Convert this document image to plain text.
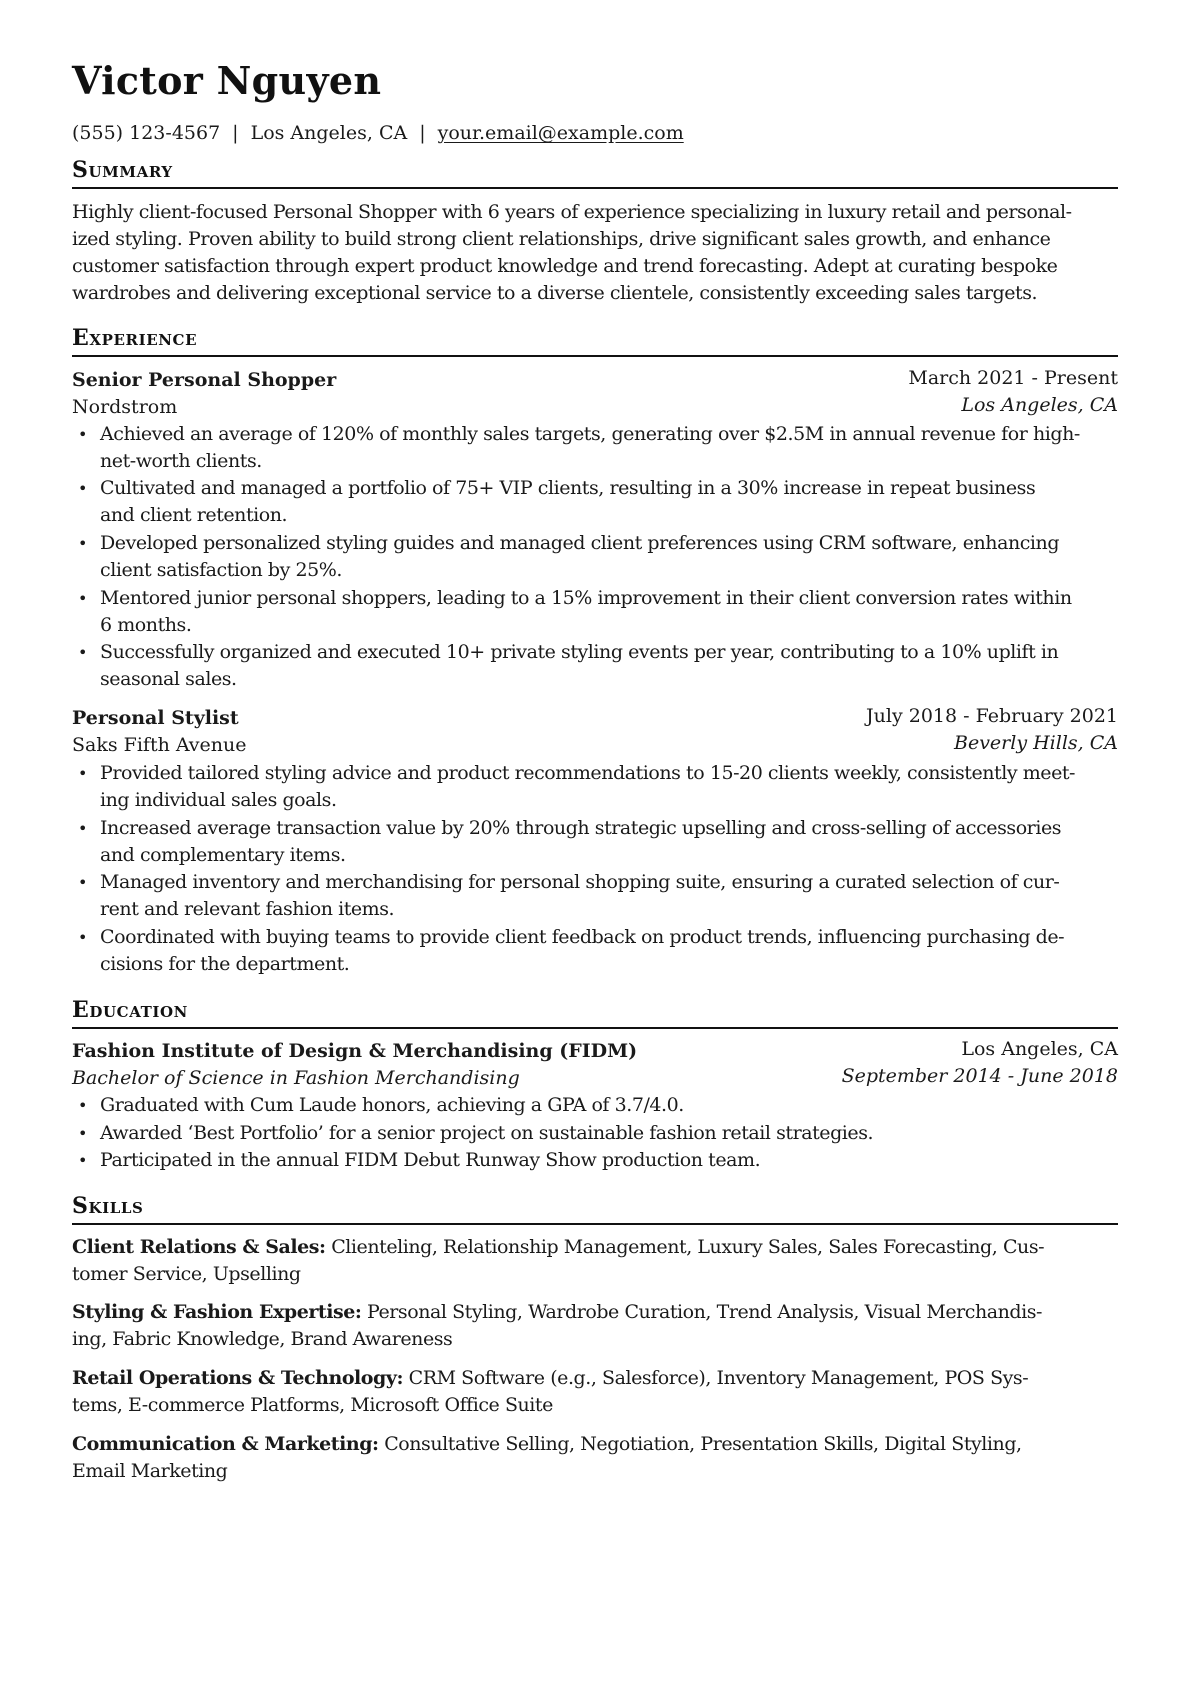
Victor Nguyen
(555) 123-4567 | Los Angeles, CA | your.email@example.com
Summary
Highly client-focused Personal Shopper with 6 years of experience specializing in luxury retail and personal-
ized styling. Proven ability to build strong client relationships, drive significant sales growth, and enhance
customer satisfaction through expert product knowledge and trend forecasting. Adept at curating bespoke
wardrobes and delivering exceptional service to a diverse clientele, consistently exceeding sales targets.
Experience
Senior Personal Shopper	March 2021 - Present
Nordstrom	Los Angeles, CA
• Achieved an average of 120% of monthly sales targets, generating over $2.5M in annual revenue for high-
net-worth clients.
• Cultivated and managed a portfolio of 75+ VIP clients, resulting in a 30% increase in repeat business
and client retention.
• Developed personalized styling guides and managed client preferences using CRM software, enhancing
client satisfaction by 25%.
• Mentored junior personal shoppers, leading to a 15% improvement in their client conversion rates within
6 months.
• Successfully organized and executed 10+ private styling events per year, contributing to a 10% uplift in
seasonal sales.
Personal Stylist	July 2018 - February 2021
Saks Fifth Avenue	Beverly Hills, CA
• Provided tailored styling advice and product recommendations to 15-20 clients weekly, consistently meet-
ing individual sales goals.
• Increased average transaction value by 20% through strategic upselling and cross-selling of accessories
and complementary items.
• Managed inventory and merchandising for personal shopping suite, ensuring a curated selection of cur-
rent and relevant fashion items.
• Coordinated with buying teams to provide client feedback on product trends, influencing purchasing de-
cisions for the department.
Education
Fashion Institute of Design & Merchandising (FIDM)	Los Angeles, CA
Bachelor of Science in Fashion Merchandising	September 2014 - June 2018
• Graduated with Cum Laude honors, achieving a GPA of 3.7/4.0.
• Awarded ‘Best Portfolio’ for a senior project on sustainable fashion retail strategies.
• Participated in the annual FIDM Debut Runway Show production team.
Skills
Client Relations & Sales: Clienteling, Relationship Management, Luxury Sales, Sales Forecasting, Cus-
tomer Service, Upselling
Styling & Fashion Expertise: Personal Styling, Wardrobe Curation, Trend Analysis, Visual Merchandis-
ing, Fabric Knowledge, Brand Awareness
Retail Operations & Technology: CRM Software (e.g., Salesforce), Inventory Management, POS Sys-
tems, E-commerce Platforms, Microsoft Office Suite
Communication & Marketing: Consultative Selling, Negotiation, Presentation Skills, Digital Styling,
Email Marketing
